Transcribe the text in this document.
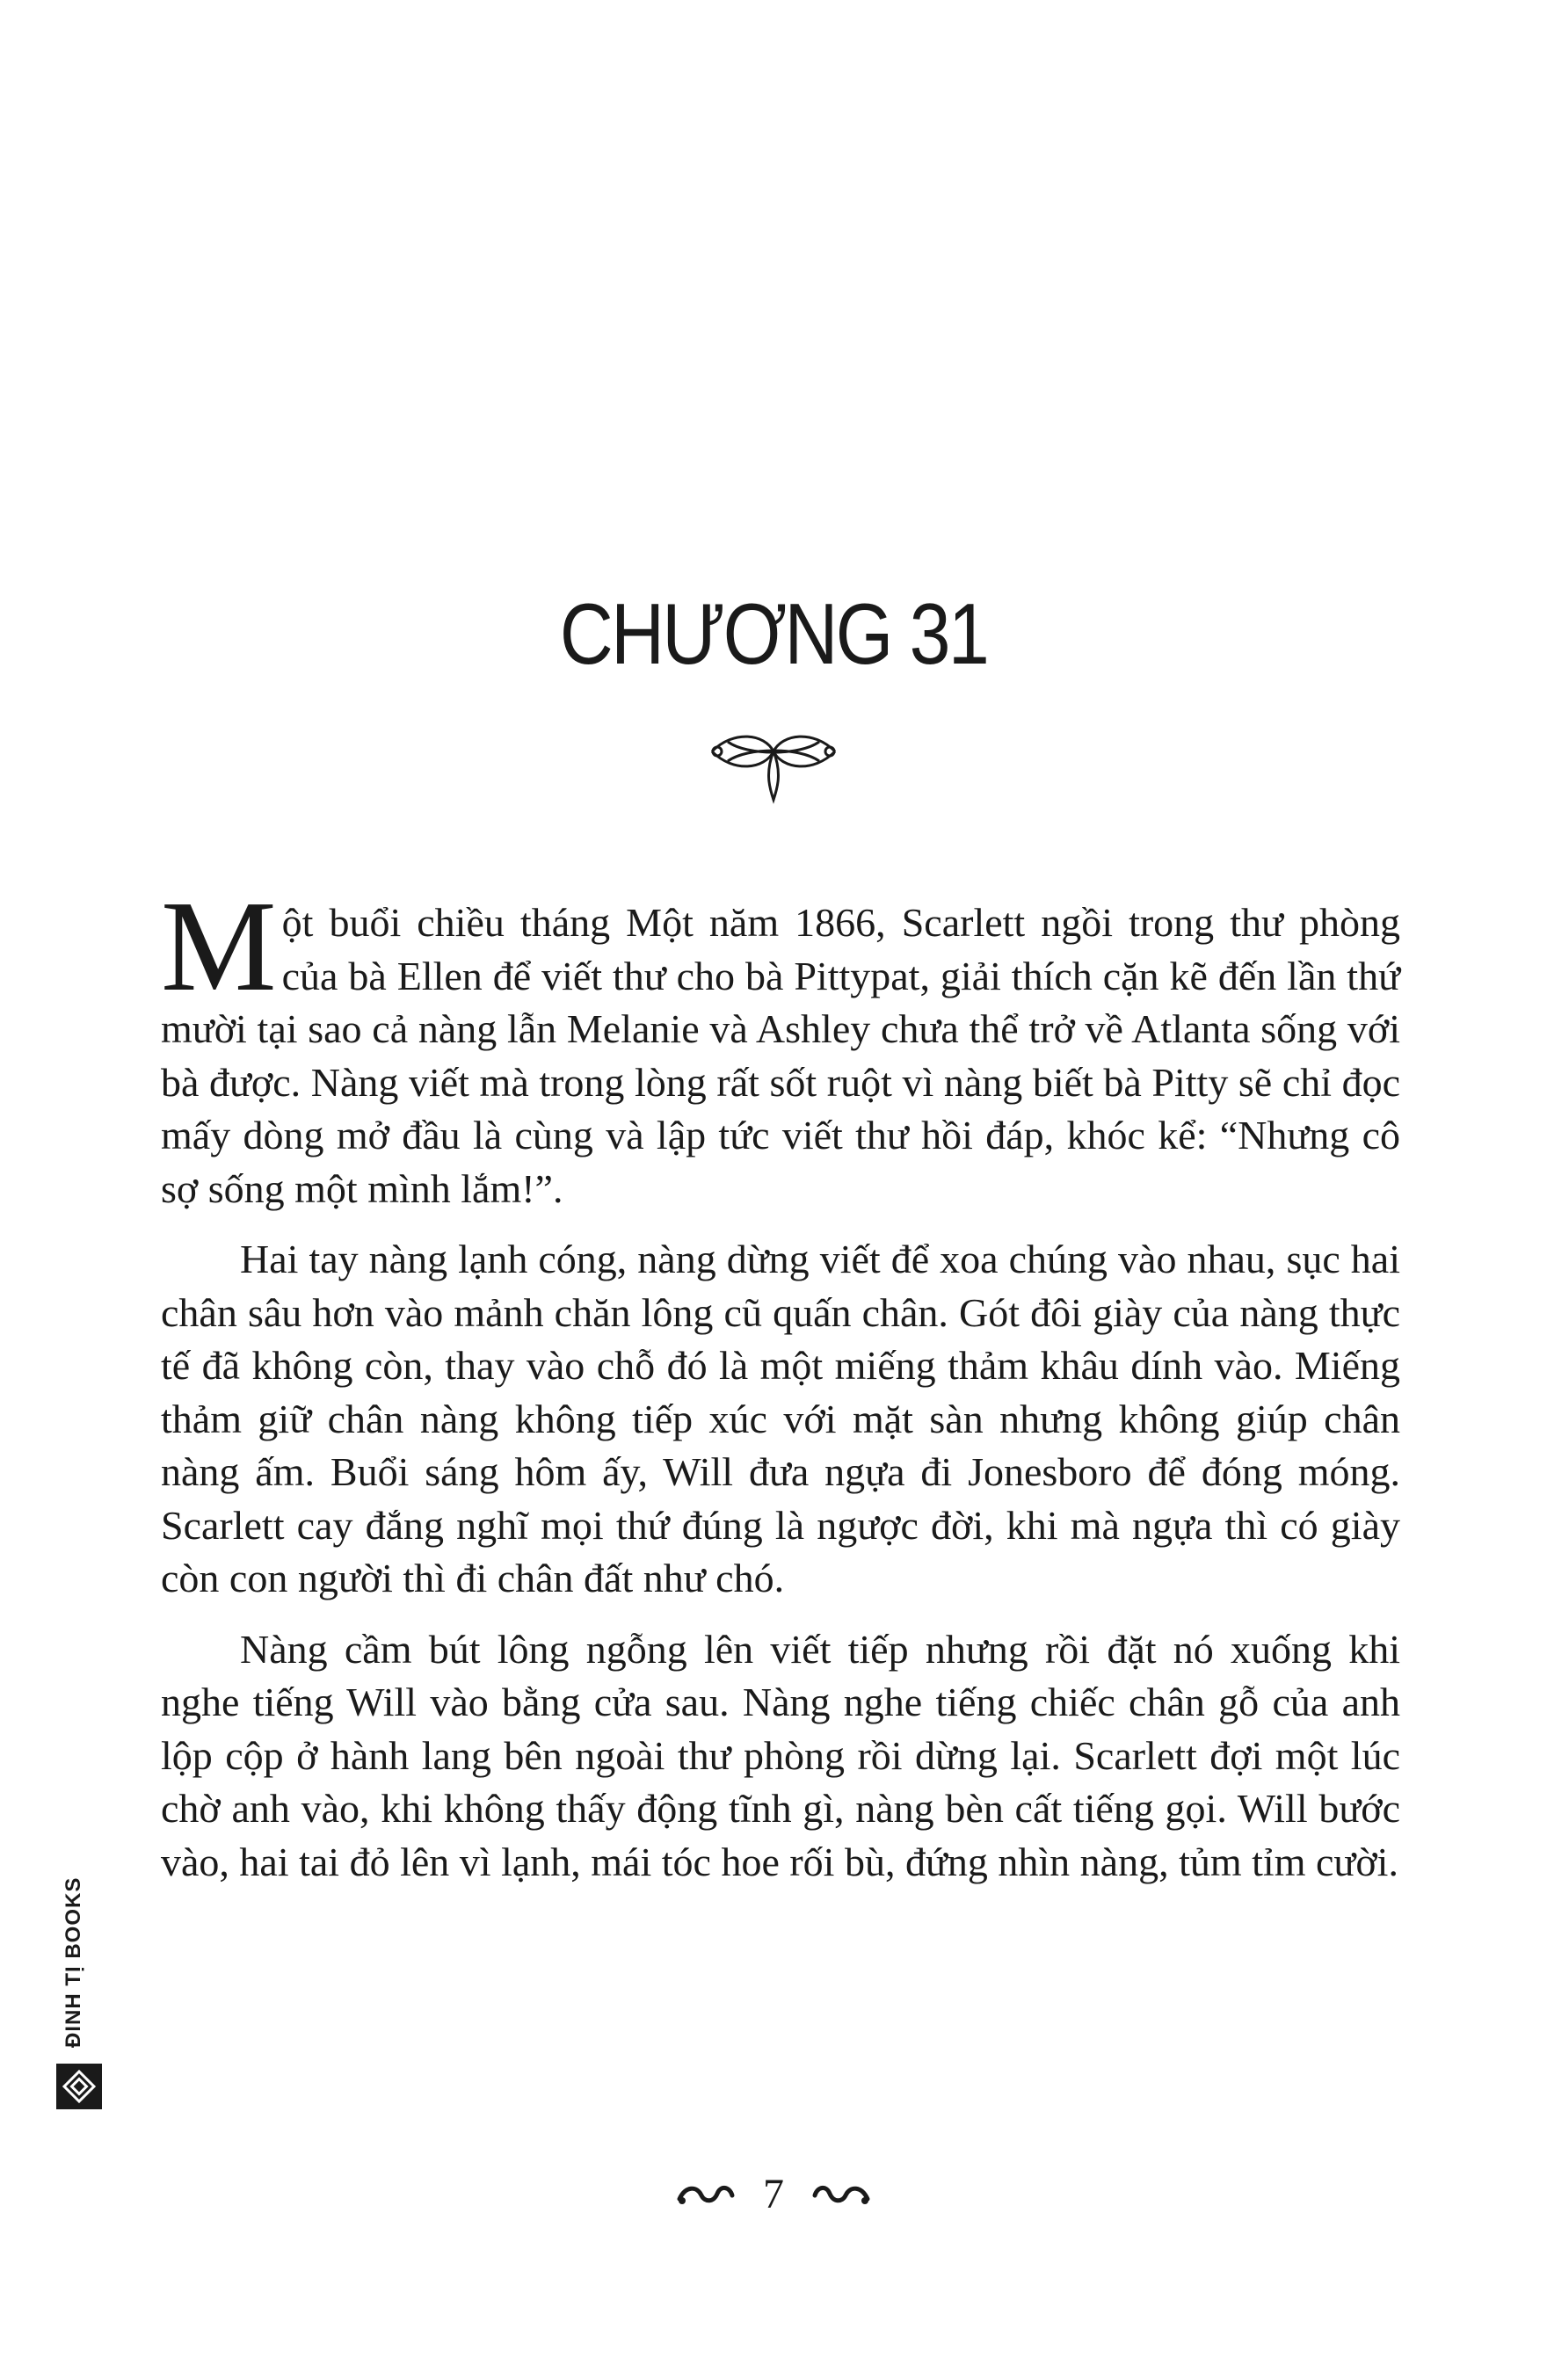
CHƯƠNG 31

M ột buổi chiều tháng Một năm 1866, Scarlett ngồi trong thư phòng của bà Ellen để viết thư cho bà Pittypat, giải thích cặn kẽ đến lần thứ mười tại sao cả nàng lẫn Melanie và Ashley chưa thể trở về Atlanta sống với bà được. Nàng viết mà trong lòng rất sốt ruột vì nàng biết bà Pitty sẽ chỉ đọc mấy dòng mở đầu là cùng và lập tức viết thư hồi đáp, khóc kể: “Nhưng cô sợ sống một mình lắm!”.

Hai tay nàng lạnh cóng, nàng dừng viết để xoa chúng vào nhau, sục hai chân sâu hơn vào mảnh chăn lông cũ quấn chân. Gót đôi giày của nàng thực tế đã không còn, thay vào chỗ đó là một miếng thảm khâu dính vào. Miếng thảm giữ chân nàng không tiếp xúc với mặt sàn nhưng không giúp chân nàng ấm. Buổi sáng hôm ấy, Will đưa ngựa đi Jonesboro để đóng móng. Scarlett cay đắng nghĩ mọi thứ đúng là ngược đời, khi mà ngựa thì có giày còn con người thì đi chân đất như chó.

Nàng cầm bút lông ngỗng lên viết tiếp nhưng rồi đặt nó xuống khi nghe tiếng Will vào bằng cửa sau. Nàng nghe tiếng chiếc chân gỗ của anh lộp cộp ở hành lang bên ngoài thư phòng rồi dừng lại. Scarlett đợi một lúc chờ anh vào, khi không thấy động tĩnh gì, nàng bèn cất tiếng gọi. Will bước vào, hai tai đỏ lên vì lạnh, mái tóc hoe rối bù, đứng nhìn nàng, tủm tỉm cười.

7
ĐINH TỊ BOOKS
